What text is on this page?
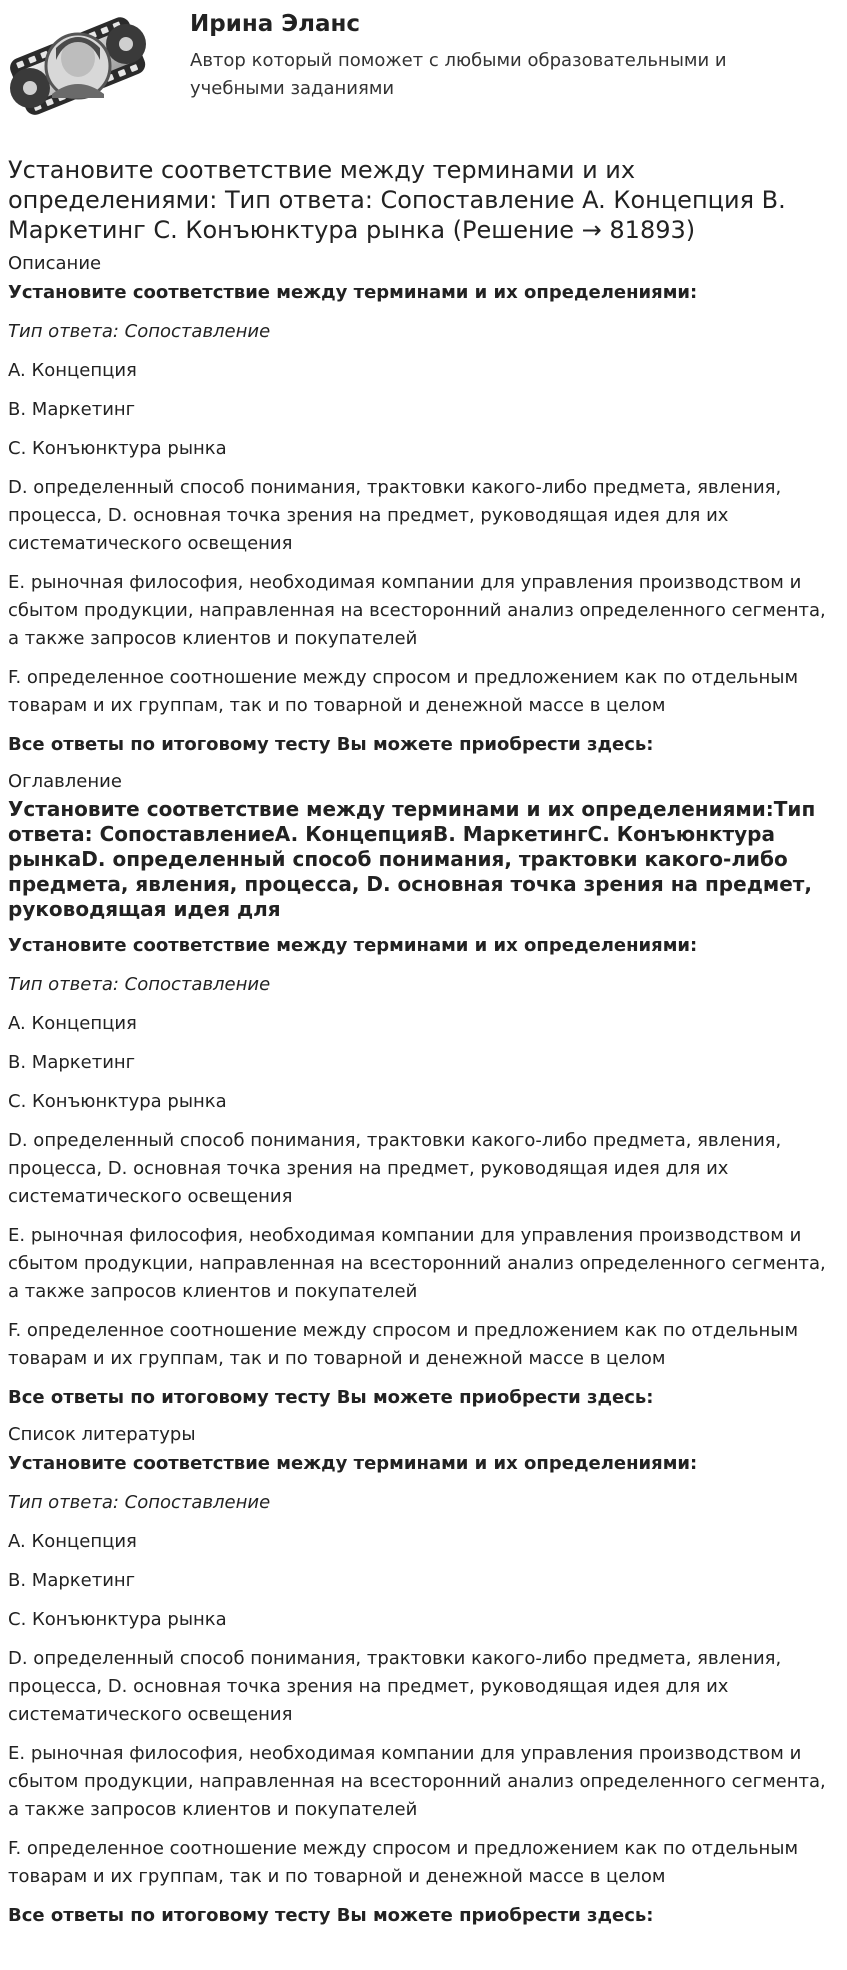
Ирина Эланс

Автор который поможет с любыми образовательными и учебными заданиями

Установите соответствие между терминами и их определениями: Тип ответа: Сопоставление A. Концепция B. Маркетинг C. Конъюнктура рынка (Решение → 81893)
Описание

Установите соответствие между терминами и их определениями:

Тип ответа: Сопоставление

A. Концепция

B. Маркетинг

C. Конъюнктура рынка

D. определенный способ понимания, трактовки какого-либо предмета, явления, процесса, D. основная точка зрения на предмет, руководящая идея для их систематического освещения

E. рыночная философия, необходимая компании для управления производством и сбытом продукции, направленная на всесторонний анализ определенного сегмента, а также запросов клиентов и покупателей

F. определенное соотношение между спросом и предложением как по отдельным товарам и их группам, так и по товарной и денежной массе в целом

Все ответы по итоговому тесту Вы можете приобрести здесь:

Оглавление
Установите соответствие между терминами и их определениями:Тип ответа: СопоставлениеA. КонцепцияB. МаркетингC. Конъюнктура рынкаD. определенный способ понимания, трактовки какого-либо предмета, явления, процесса, D. основная точка зрения на предмет, руководящая идея для

Установите соответствие между терминами и их определениями:

Тип ответа: Сопоставление

A. Концепция

B. Маркетинг

C. Конъюнктура рынка

D. определенный способ понимания, трактовки какого-либо предмета, явления, процесса, D. основная точка зрения на предмет, руководящая идея для их систематического освещения

E. рыночная философия, необходимая компании для управления производством и сбытом продукции, направленная на всесторонний анализ определенного сегмента, а также запросов клиентов и покупателей

F. определенное соотношение между спросом и предложением как по отдельным товарам и их группам, так и по товарной и денежной массе в целом

Все ответы по итоговому тесту Вы можете приобрести здесь:

Список литературы

Установите соответствие между терминами и их определениями:

Тип ответа: Сопоставление

A. Концепция

B. Маркетинг

C. Конъюнктура рынка

D. определенный способ понимания, трактовки какого-либо предмета, явления, процесса, D. основная точка зрения на предмет, руководящая идея для их систематического освещения

E. рыночная философия, необходимая компании для управления производством и сбытом продукции, направленная на всесторонний анализ определенного сегмента, а также запросов клиентов и покупателей

F. определенное соотношение между спросом и предложением как по отдельным товарам и их группам, так и по товарной и денежной массе в целом

Все ответы по итоговому тесту Вы можете приобрести здесь:
